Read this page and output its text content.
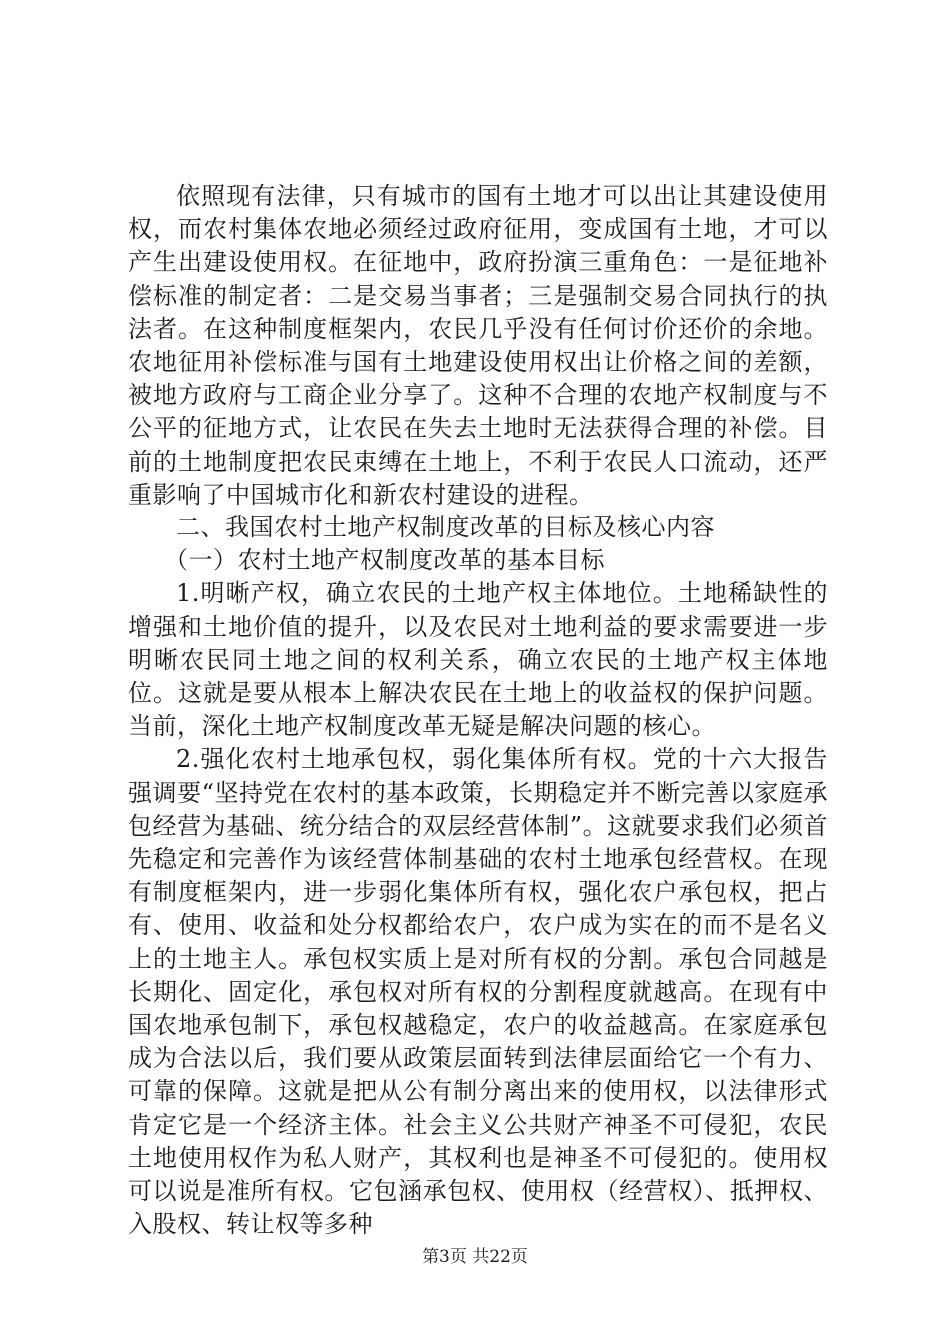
依照现有法律，只有城市的国有土地才可以出让其建设使用权，而农村集体农地必须经过政府征用，变成国有土地，才可以产生出建设使用权。在征地中，政府扮演三重角色：一是征地补偿标准的制定者：二是交易当事者；三是强制交易合同执行的执法者。在这种制度框架内，农民几乎没有任何讨价还价的余地。农地征用补偿标准与国有土地建设使用权出让价格之间的差额，被地方政府与工商企业分享了。这种不合理的农地产权制度与不公平的征地方式，让农民在失去土地时无法获得合理的补偿。目前的土地制度把农民束缚在土地上，不利于农民人口流动，还严重影响了中国城市化和新农村建设的进程。

二、我国农村土地产权制度改革的目标及核心内容

（一）农村土地产权制度改革的基本目标

1.明晰产权，确立农民的土地产权主体地位。土地稀缺性的增强和土地价值的提升，以及农民对土地利益的要求需要进一步明晰农民同土地之间的权利关系，确立农民的土地产权主体地位。这就是要从根本上解决农民在土地上的收益权的保护问题。当前，深化土地产权制度改革无疑是解决问题的核心。

2.强化农村土地承包权，弱化集体所有权。党的十六大报告强调要“坚持党在农村的基本政策，长期稳定并不断完善以家庭承包经营为基础、统分结合的双层经营体制”。这就要求我们必须首先稳定和完善作为该经营体制基础的农村土地承包经营权。在现有制度框架内，进一步弱化集体所有权，强化农户承包权，把占有、使用、收益和处分权都给农户，农户成为实在的而不是名义上的土地主人。承包权实质上是对所有权的分割。承包合同越是长期化、固定化，承包权对所有权的分割程度就越高。在现有中国农地承包制下，承包权越稳定，农户的收益越高。在家庭承包成为合法以后，我们要从政策层面转到法律层面给它一个有力、可靠的保障。这就是把从公有制分离出来的使用权，以法律形式肯定它是一个经济主体。社会主义公共财产神圣不可侵犯，农民土地使用权作为私人财产，其权利也是神圣不可侵犯的。使用权可以说是准所有权。它包涵承包权、使用权（经营权）、抵押权、入股权、转让权等多种

第3页 共22页
